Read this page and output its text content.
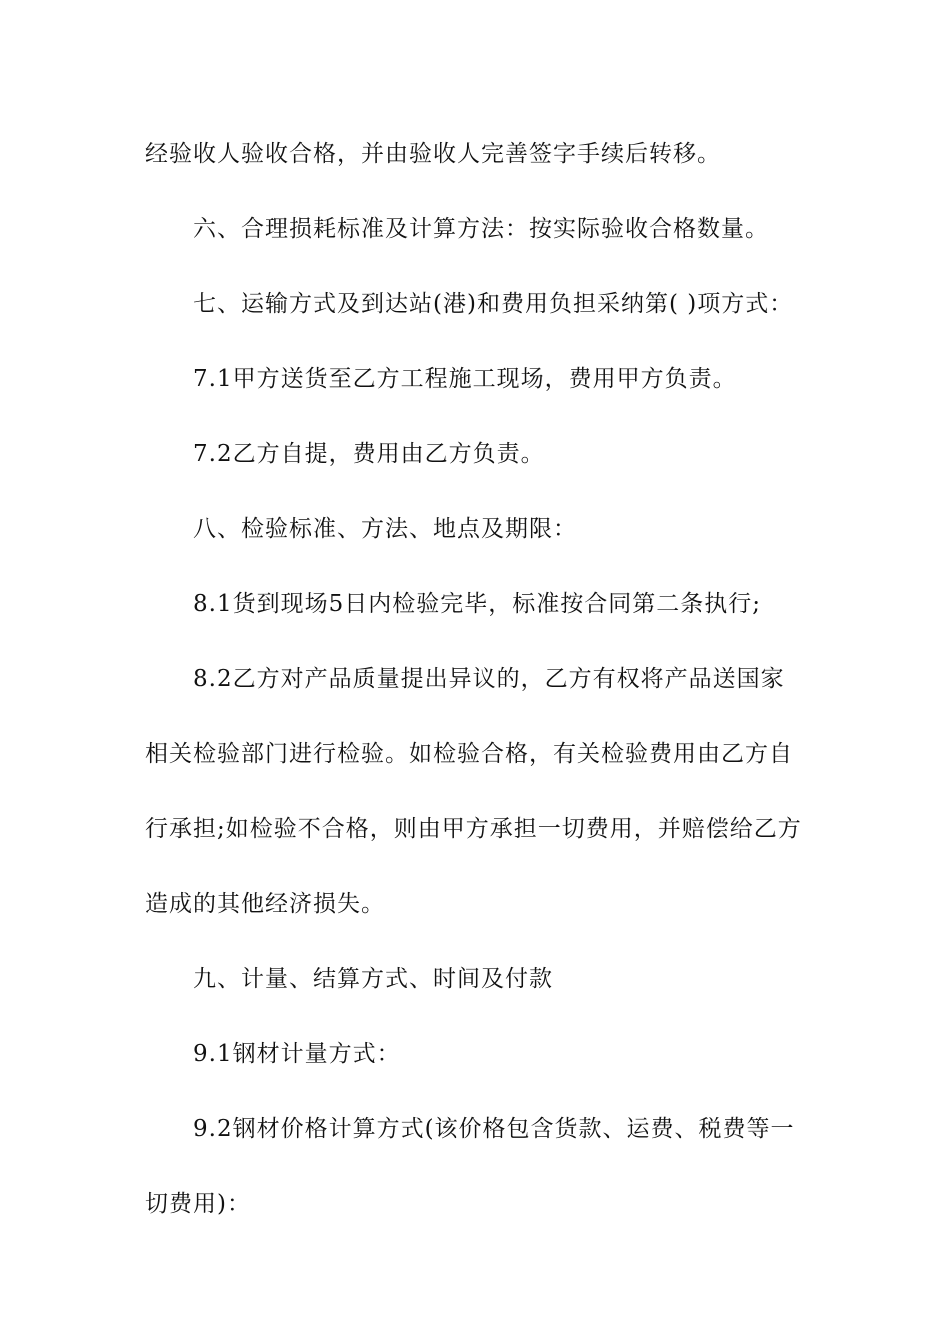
经验收人验收合格，并由验收人完善签字手续后转移。
六、合理损耗标准及计算方法：按实际验收合格数量。
七、运输方式及到达站(港)和费用负担采纳第( )项方式：
7.1甲方送货至乙方工程施工现场，费用甲方负责。
7.2乙方自提，费用由乙方负责。
八、检验标准、方法、地点及期限：
8.1货到现场5日内检验完毕，标准按合同第二条执行;
8.2乙方对产品质量提出异议的，乙方有权将产品送国家
相关检验部门进行检验。如检验合格，有关检验费用由乙方自
行承担;如检验不合格，则由甲方承担一切费用，并赔偿给乙方
造成的其他经济损失。
九、计量、结算方式、时间及付款
9.1钢材计量方式：
9.2钢材价格计算方式(该价格包含货款、运费、税费等一
切费用)：
